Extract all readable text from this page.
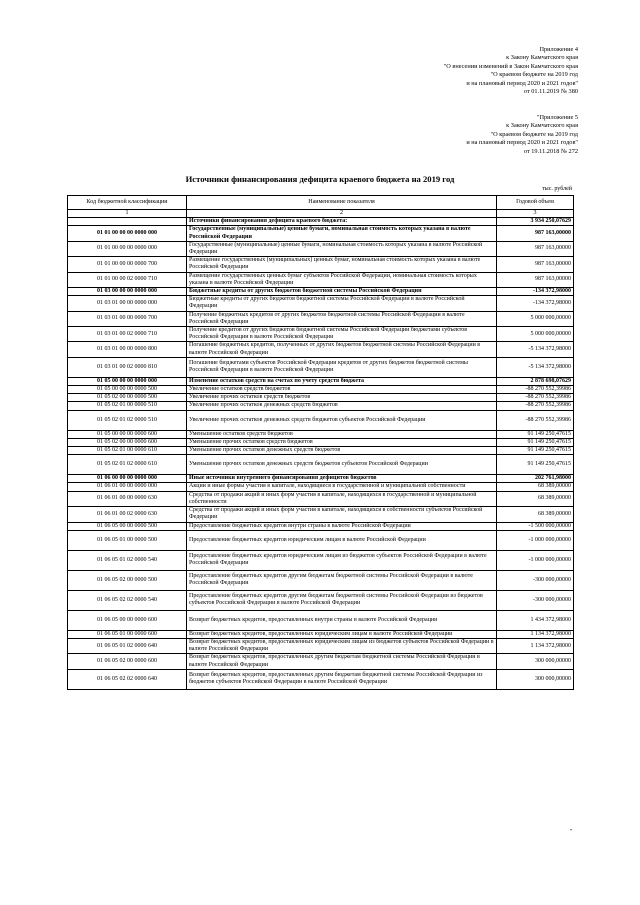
Приложение 4
к Закону Камчатского края
"О внесении изменений в Закон Камчатского края
"О краевом бюджете на 2019 год
и на плановый период 2020 и 2021 годов"
от 01.11.2019 № 380
"Приложение 5
к Закону Камчатского края
"О краевом бюджете на 2019 год
и на плановый период 2020 и 2021 годов"
от 19.11.2018 № 272
Источники финансирования дефицита краевого бюджета на 2019 год
тыс. рублей
Код бюджетной классификации	Наименование показателя	Годовой объем
1	2	3
	Источники финансирования дефицита краевого бюджета:	3 934 250,07629
01 01 00 00 00 0000 000	Государственные (муниципальные) ценные бумаги, номинальная стоимость которых указана в валюте Российской Федерации	987 163,00000
01 01 00 00 00 0000 000	Государственные (муниципальные) ценные бумаги, номинальная стоимость которых указана в валюте Российской Федерации	987 163,00000
01 01 00 00 00 0000 700	Размещение государственных (муниципальных) ценных бумаг, номинальная стоимость которых указана в валюте Российской Федерации	987 163,00000
01 01 00 00 02 0000 710	Размещение государственных ценных бумаг субъектов Российской Федерации, номинальная стоимость которых указана в валюте Российской Федерации	987 163,00000
01 03 00 00 00 0000 000	Бюджетные кредиты от других бюджетов бюджетной системы Российской Федерации	-134 372,98000
01 03 01 00 00 0000 000	Бюджетные кредиты от других бюджетов бюджетной системы Российской Федерации в валюте Российской Федерации	-134 372,98000
01 03 01 00 00 0000 700	Получение бюджетных кредитов от других бюджетов бюджетной системы Российской Федерации в валюте Российской Федерации	5 000 000,00000
01 03 01 00 02 0000 710	Получение кредитов от других бюджетов бюджетной системы Российской Федерации бюджетами субъектов Российской Федерации в валюте Российской Федерации	5 000 000,00000
01 03 01 00 00 0000 800	Погашение бюджетных кредитов, полученных от других бюджетов бюджетной системы Российской Федерации в валюте Российской Федерации	-5 134 372,98000
01 03 01 00 02 0000 810	Погашение бюджетами субъектов Российской Федерации кредитов от других бюджетов бюджетной системы Российской Федерации в валюте Российской Федерации	-5 134 372,98000
01 05 00 00 00 0000 000	Изменение остатков средств на счетах по учету средств бюджета	2 878 698,07629
01 05 00 00 00 0000 500	Увеличение остатков средств бюджетов	-88 270 552,39986
01 05 02 00 00 0000 500	Увеличение прочих остатков средств бюджетов	-88 270 552,39986
01 05 02 01 00 0000 510	Увеличение прочих остатков денежных средств бюджетов	-88 270 552,39986
01 05 02 01 02 0000 510	Увеличение прочих остатков денежных средств бюджетов субъектов Российской Федерации	-88 270 552,39986
01 05 00 00 00 0000 600	Уменьшение остатков средств бюджетов	91 149 250,47615
01 05 02 00 00 0000 600	Уменьшение прочих остатков средств бюджетов	91 149 250,47615
01 05 02 01 00 0000 610	Уменьшение прочих остатков денежных средств бюджетов	91 149 250,47615
01 05 02 01 02 0000 610	Уменьшение прочих остатков денежных средств бюджетов субъектов Российской Федерации	91 149 250,47615
01 06 00 00 00 0000 000	Иные источники внутреннего финансирования дефицитов бюджетов	202 761,98000
01 06 01 00 00 0000 000	Акции и иные формы участия в капитале, находящиеся в государственной и муниципальной собственности	68 389,00000
01 06 01 00 00 0000 630	Средства от продажи акций и иных форм участия в капитале, находящихся в государственной и муниципальной собственности	68 389,00000
01 06 01 00 02 0000 630	Средства от продажи акций и иных форм участия в капитале, находящихся в собственности субъектов Российской Федерации	68 389,00000
01 06 05 00 00 0000 500	Предоставление бюджетных кредитов внутри страны в валюте Российской Федерации	-1 500 000,00000
01 06 05 01 00 0000 500	Предоставление бюджетных кредитов юридическим лицам в валюте Российской Федерации	-1 000 000,00000
01 06 05 01 02 0000 540	Предоставление бюджетных кредитов юридическим лицам из бюджетов субъектов Российской Федерации в валюте Российской Федерации	-1 000 000,00000
01 06 05 02 00 0000 500	Предоставление бюджетных кредитов другим бюджетам бюджетной системы Российской Федерации в валюте Российской Федерации	-300 000,00000
01 06 05 02 02 0000 540	Предоставление бюджетных кредитов другим бюджетам бюджетной системы Российской Федерации из бюджетов субъектов Российской Федерации в валюте Российской Федерации	-300 000,00000
01 06 05 00 00 0000 600	Возврат бюджетных кредитов, предоставленных внутри страны в валюте Российской Федерации	1 434 372,98000
01 06 05 01 00 0000 600	Возврат бюджетных кредитов, предоставленных юридическим лицам в валюте Российской Федерации	1 134 372,98000
01 06 05 01 02 0000 640	Возврат бюджетных кредитов, предоставленных юридическим лицам из бюджетов субъектов Российской Федерации в валюте Российской Федерации	1 134 372,98000
01 06 05 02 00 0000 600	Возврат бюджетных кредитов, предоставленных другим бюджетам бюджетной системы Российской Федерации в валюте Российской Федерации	300 000,00000
01 06 05 02 02 0000 640	Возврат бюджетных кредитов, предоставленных другим бюджетам бюджетной системы Российской Федерации из бюджетов субъектов Российской Федерации в валюте Российской Федерации	300 000,00000
"
